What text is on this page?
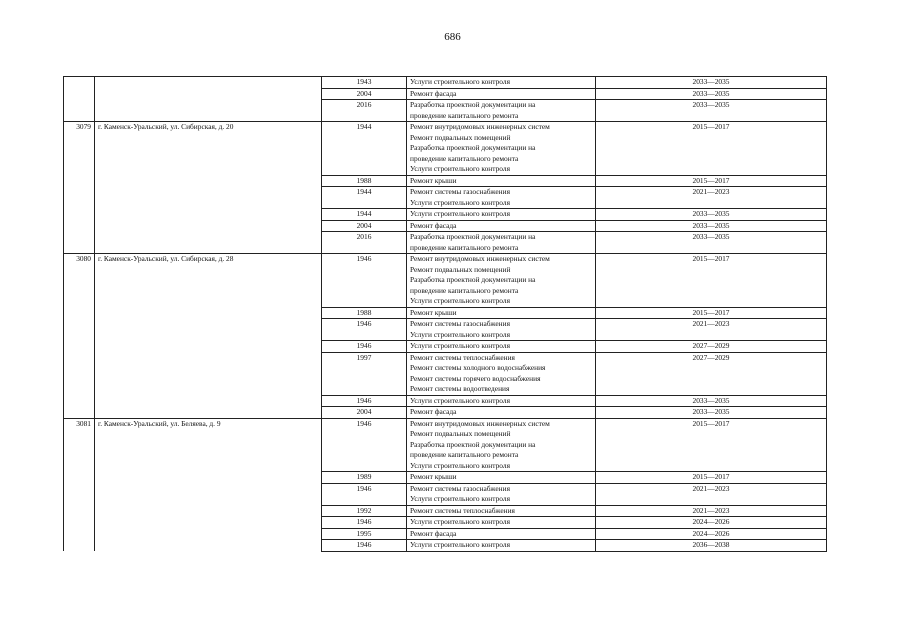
686
		1943	Услуги строительного контроля	2033—2035
		2004	Ремонт фасада	2033—2035
		2016	Разработка проектной документации на
проведение капитального ремонта	2033—2035
3079	г. Каменск-Уральский, ул. Сибирская, д. 20	1944	Ремонт внутридомовых инженерных систем
Ремонт подвальных помещений
Разработка проектной документации на
проведение капитального ремонта
Услуги строительного контроля	2015—2017
		1988	Ремонт крыши	2015—2017
		1944	Ремонт системы газоснабжения
Услуги строительного контроля	2021—2023
		1944	Услуги строительного контроля	2033—2035
		2004	Ремонт фасада	2033—2035
		2016	Разработка проектной документации на
проведение капитального ремонта	2033—2035
3080	г. Каменск-Уральский, ул. Сибирская, д. 28	1946	Ремонт внутридомовых инженерных систем
Ремонт подвальных помещений
Разработка проектной документации на
проведение капитального ремонта
Услуги строительного контроля	2015—2017
		1988	Ремонт крыши	2015—2017
		1946	Ремонт системы газоснабжения
Услуги строительного контроля	2021—2023
		1946	Услуги строительного контроля	2027—2029
		1997	Ремонт системы теплоснабжения
Ремонт системы холодного водоснабжения
Ремонт системы горячего водоснабжения
Ремонт системы водоотведения	2027—2029
		1946	Услуги строительного контроля	2033—2035
		2004	Ремонт фасада	2033—2035
3081	г. Каменск-Уральский, ул. Беляева, д. 9	1946	Ремонт внутридомовых инженерных систем
Ремонт подвальных помещений
Разработка проектной документации на
проведение капитального ремонта
Услуги строительного контроля	2015—2017
		1989	Ремонт крыши	2015—2017
		1946	Ремонт системы газоснабжения
Услуги строительного контроля	2021—2023
		1992	Ремонт системы теплоснабжения	2021—2023
		1946	Услуги строительного контроля	2024—2026
		1995	Ремонт фасада	2024—2026
		1946	Услуги строительного контроля	2036—2038
